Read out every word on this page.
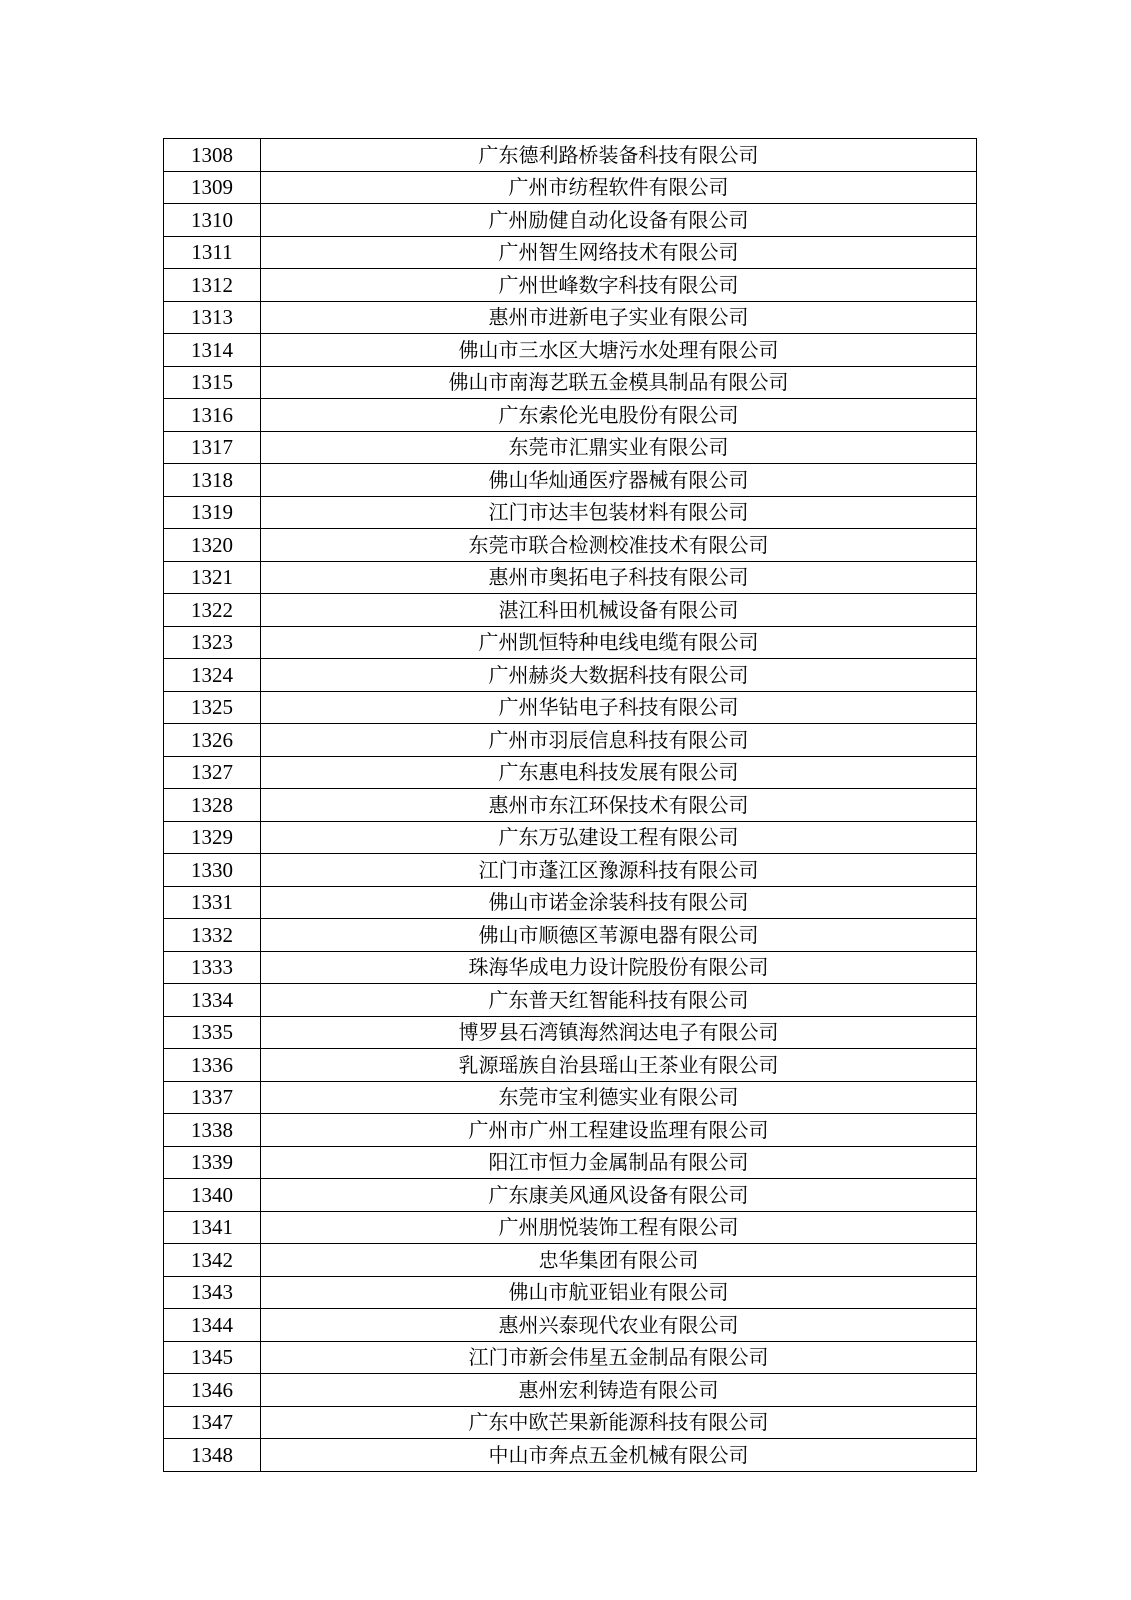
1308	广东德利路桥装备科技有限公司
1309	广州市纺程软件有限公司
1310	广州励健自动化设备有限公司
1311	广州智生网络技术有限公司
1312	广州世峰数字科技有限公司
1313	惠州市进新电子实业有限公司
1314	佛山市三水区大塘污水处理有限公司
1315	佛山市南海艺联五金模具制品有限公司
1316	广东索伦光电股份有限公司
1317	东莞市汇鼎实业有限公司
1318	佛山华灿通医疗器械有限公司
1319	江门市达丰包装材料有限公司
1320	东莞市联合检测校准技术有限公司
1321	惠州市奥拓电子科技有限公司
1322	湛江科田机械设备有限公司
1323	广州凯恒特种电线电缆有限公司
1324	广州赫炎大数据科技有限公司
1325	广州华钻电子科技有限公司
1326	广州市羽辰信息科技有限公司
1327	广东惠电科技发展有限公司
1328	惠州市东江环保技术有限公司
1329	广东万弘建设工程有限公司
1330	江门市蓬江区豫源科技有限公司
1331	佛山市诺金涂装科技有限公司
1332	佛山市顺德区苇源电器有限公司
1333	珠海华成电力设计院股份有限公司
1334	广东普天红智能科技有限公司
1335	博罗县石湾镇海然润达电子有限公司
1336	乳源瑶族自治县瑶山王茶业有限公司
1337	东莞市宝利德实业有限公司
1338	广州市广州工程建设监理有限公司
1339	阳江市恒力金属制品有限公司
1340	广东康美风通风设备有限公司
1341	广州朋悦装饰工程有限公司
1342	忠华集团有限公司
1343	佛山市航亚铝业有限公司
1344	惠州兴泰现代农业有限公司
1345	江门市新会伟星五金制品有限公司
1346	惠州宏利铸造有限公司
1347	广东中欧芒果新能源科技有限公司
1348	中山市奔点五金机械有限公司
